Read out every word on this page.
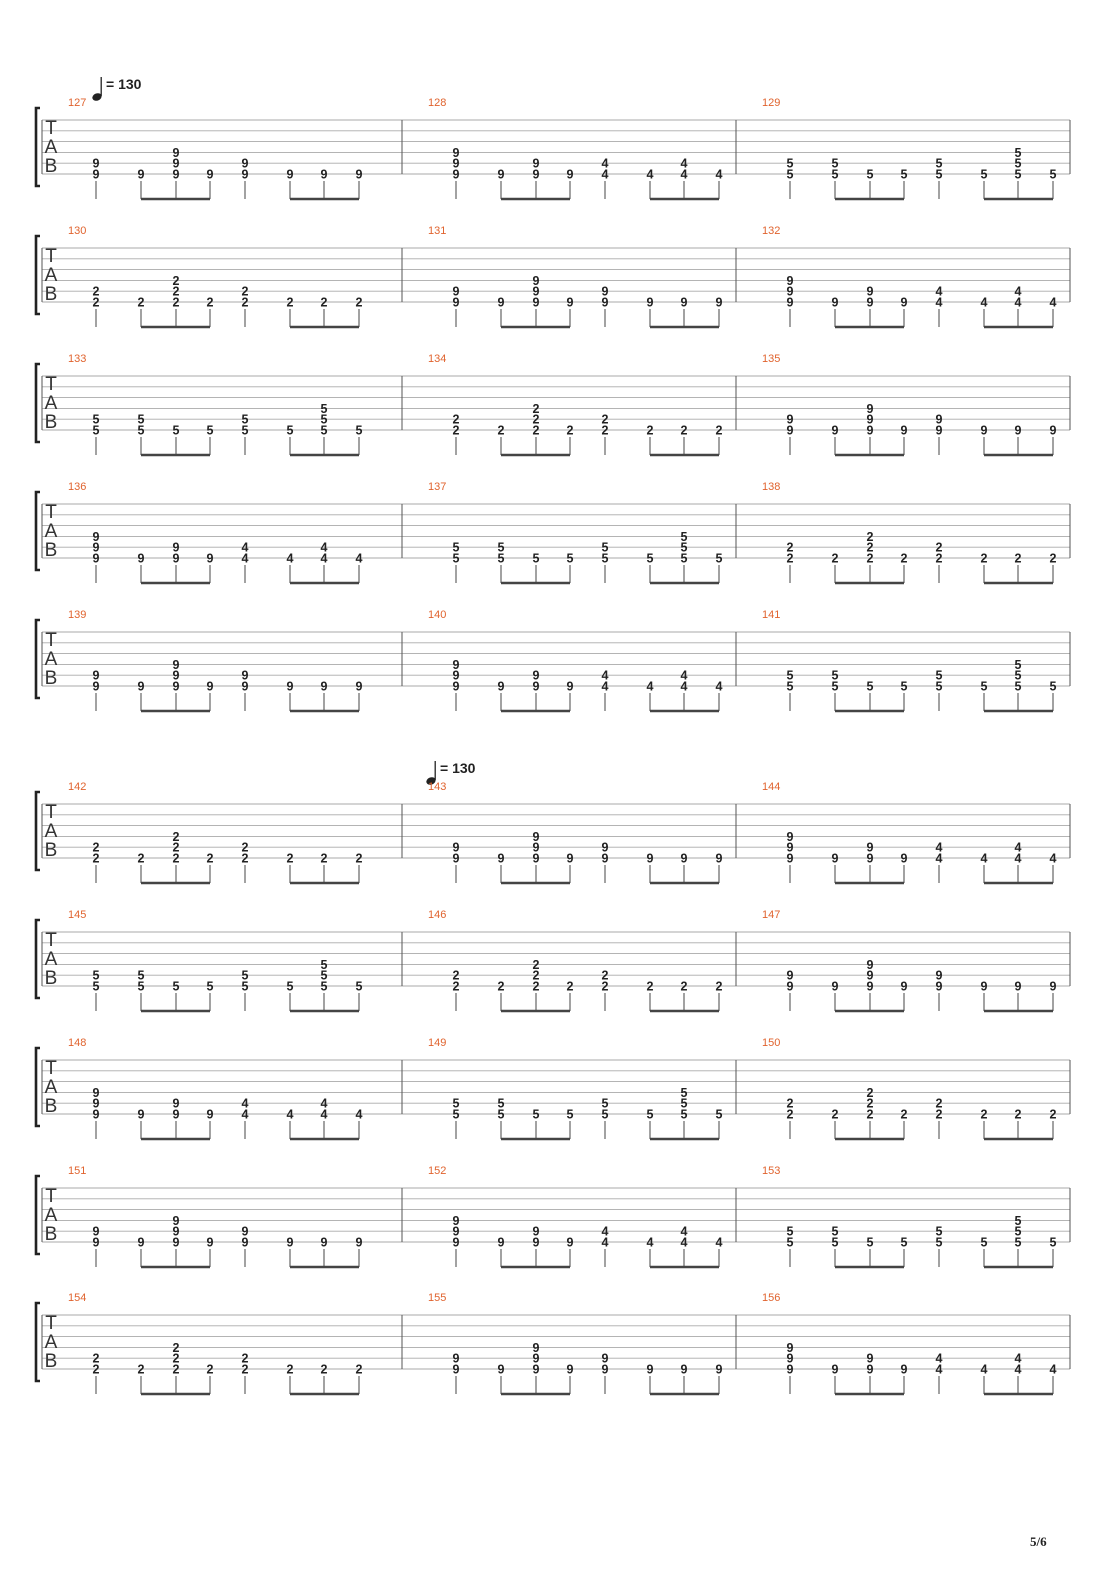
T
A
B
= 130
127
9
9	9
9
9
9 9
9
9	9 9 9
128
9
9
9	9
9
9 9
4
4	4
4
4 4
129
5
5
5
5 5 5
5
5	5
5
5
5 5
T
A
B
130
2
2	2
2
2
2 2
2
2	2 2 2
131
9
9	9
9
9
9 9
9
9	9 9 9
132
9
9
9	9
9
9 9
4
4	4
4
4 4
T
A
B
133
5
5
5
5 5 5
5
5	5
5
5
5 5
134
2
2	2
2
2
2 2
2
2	2 2 2
135
9
9	9
9
9
9 9
9
9	9 9 9
T
A
B
136
9
9
9	9
9
9 9
4
4	4
4
4 4
137
5
5
5
5 5 5
5
5	5
5
5
5 5
138
2
2	2
2
2
2 2
2
2	2 2 2
T
A
B
139
9
9	9
9
9
9 9
9
9	9 9 9
140
9
9
9	9
9
9 9
4
4	4
4
4 4
141
5
5
5
5 5 5
5
5	5
5
5
5 5
T
A
B
= 130
142
2
2	2
2
2
2 2
2
2	2 2 2
143
9
9	9
9
9
9 9
9
9	9 9 9
144
9
9
9	9
9
9 9
4
4	4
4
4 4
T
A
B
145
5
5
5
5 5 5
5
5	5
5
5
5 5
146
2
2	2
2
2
2 2
2
2	2 2 2
147
9
9	9
9
9
9 9
9
9	9 9 9
T
A
B
148
9
9
9	9
9
9 9
4
4	4
4
4 4
149
5
5
5
5 5 5
5
5	5
5
5
5 5
150
2
2	2
2
2
2 2
2
2	2 2 2
T
A
B
151
9
9	9
9
9
9 9
9
9	9 9 9
152
9
9
9	9
9
9 9
4
4	4
4
4 4
153
5
5
5
5 5 5
5
5	5
5
5
5 5
T
A
B
154
2
2	2
2
2
2 2
2
2	2 2 2
155
9
9	9
9
9
9 9
9
9	9 9 9
156
9
9
9	9
9
9 9
4
4	4
4
4 4
5/6
